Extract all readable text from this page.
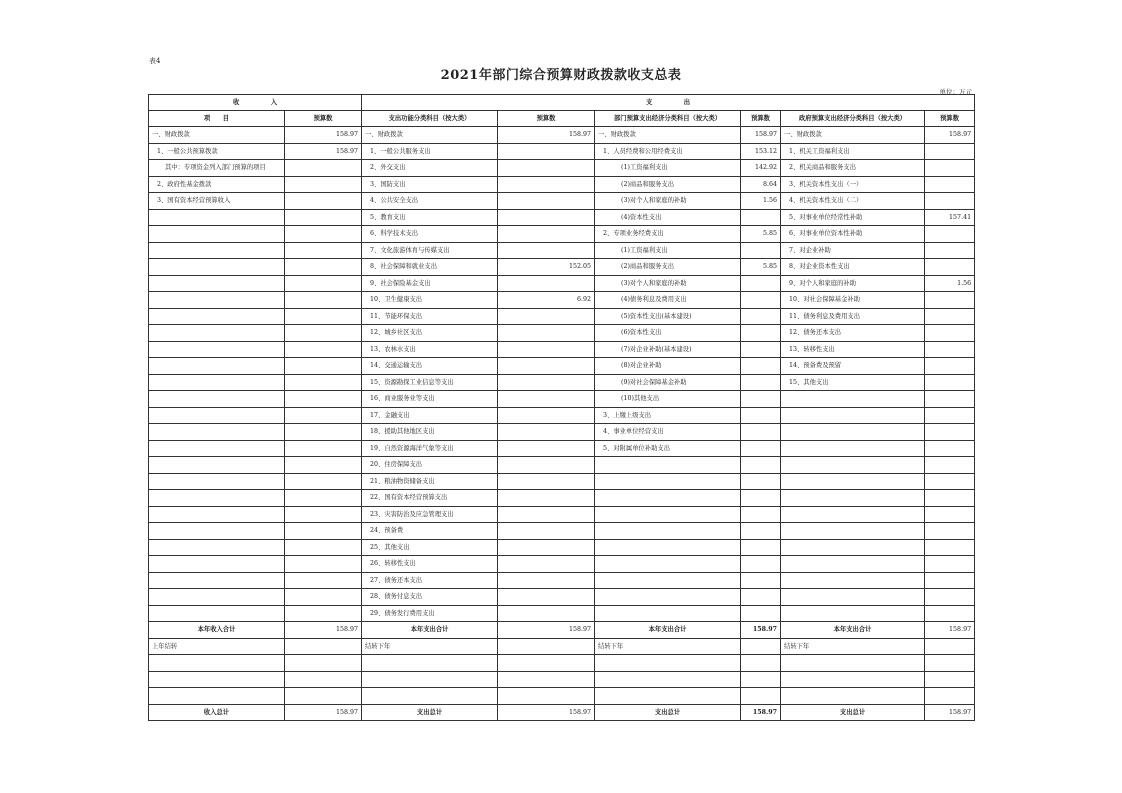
表4
2021年部门综合预算财政拨款收支总表
单位：万元
收　　　　　入		支　　　　　出					
项　　目	预算数	支出功能分类科目（按大类）	预算数	部门预算支出经济分类科目（按大类）	预算数	政府预算支出经济分类科目（按大类）	预算数
一、财政拨款	158.97	一、财政拨款	158.97	一、财政拨款	158.97	一、财政拨款	158.97
1、一般公共预算拨款	158.97	1、一般公共服务支出		1、人员经费和公用经费支出	153.12	1、机关工资福利支出	
其中：专项资金列入部门预算的项目		2、外交支出		(1)工资福利支出	142.92	2、机关商品和服务支出	
2、政府性基金拨款		3、国防支出		(2)商品和服务支出	8.64	3、机关资本性支出（一）	
3、国有资本经营预算收入		4、公共安全支出		(3)对个人和家庭的补助	1.56	4、机关资本性支出（二）	
		5、教育支出		(4)资本性支出		5、对事业单位经常性补助	157.41
		6、科学技术支出		2、专项业务经费支出	5.85	6、对事业单位资本性补助	
		7、文化旅游体育与传媒支出		(1)工资福利支出		7、对企业补助	
		8、社会保障和就业支出	152.05	(2)商品和服务支出	5.85	8、对企业资本性支出	
		9、社会保险基金支出		(3)对个人和家庭的补助		9、对个人和家庭的补助	1.56
		10、卫生健康支出	6.92	(4)债务利息及费用支出		10、对社会保障基金补助	
		11、节能环保支出		(5)资本性支出(基本建设)		11、债务利息及费用支出	
		12、城乡社区支出		(6)资本性支出		12、债务还本支出	
		13、农林水支出		(7)对企业补助(基本建设)		13、转移性支出	
		14、交通运输支出		(8)对企业补助		14、预备费及预留	
		15、资源勘探工业信息等支出		(9)对社会保障基金补助		15、其他支出	
		16、商业服务业等支出		(10)其他支出			
		17、金融支出		3、上缴上级支出			
		18、援助其他地区支出		4、事业单位经营支出			
		19、自然资源海洋气象等支出		5、对附属单位补助支出			
		20、住房保障支出					
		21、粮油物资储备支出					
		22、国有资本经营预算支出					
		23、灾害防治及应急管理支出					
		24、预备费					
		25、其他支出					
		26、转移性支出					
		27、债务还本支出					
		28、债务付息支出					
		29、债务发行费用支出					
本年收入合计	158.97	本年支出合计	158.97	本年支出合计	158.97	本年支出合计	158.97
上年结转		结转下年		结转下年		结转下年	

收入总计	158.97	支出总计	158.97	支出总计	158.97	支出总计	158.97
